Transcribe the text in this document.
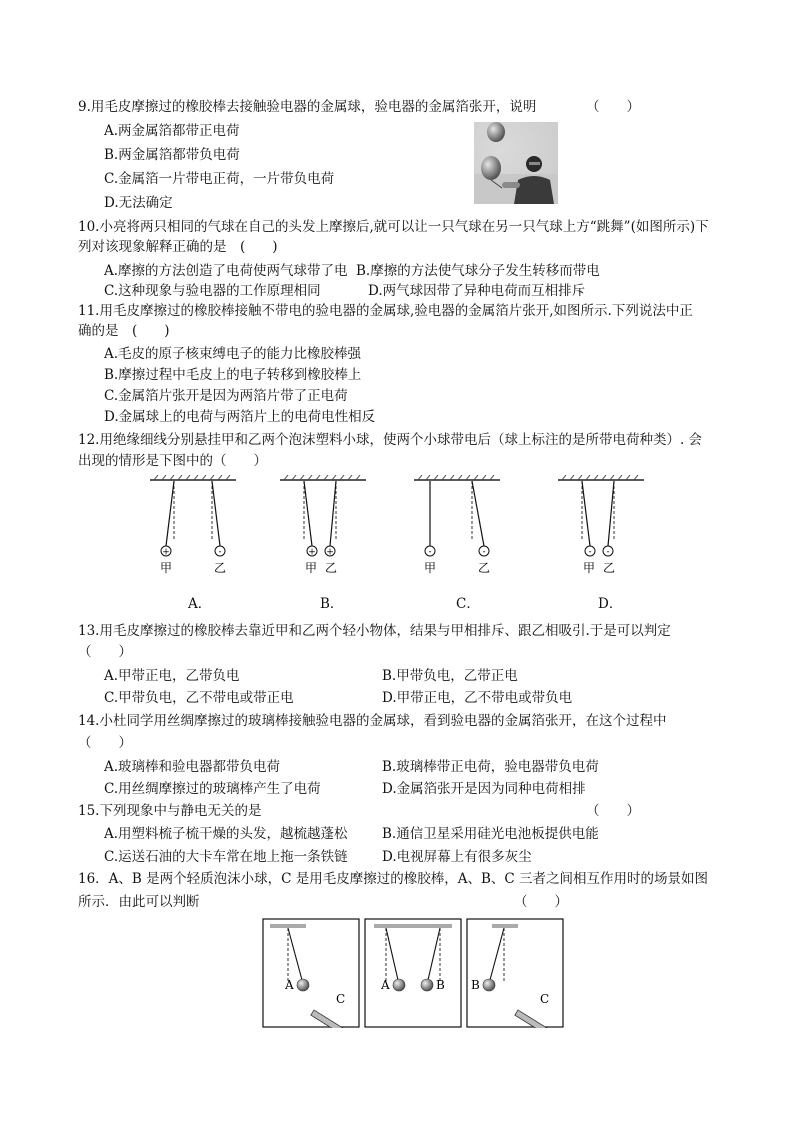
9.用毛皮摩擦过的橡胶棒去接触验电器的金属球，验电器的金属箔张开，说明	（　　）
A.两金属箔都带正电荷
B.两金属箔都带负电荷
C.金属箔一片带电正荷，一片带负电荷
D.无法确定
10.小亮将两只相同的气球在自己的头发上摩擦后,就可以让一只气球在另一只气球上方“跳舞”(如图所示)下
列对该现象解释正确的是　(　　)
A.摩擦的方法创造了电荷使两气球带了电 B.摩擦的方法使气球分子发生转移而带电
C.这种现象与验电器的工作原理相同	D.两气球因带了异种电荷而互相排斥
11.用毛皮摩擦过的橡胶棒接触不带电的验电器的金属球,验电器的金属箔片张开,如图所示.下列说法中正
确的是　(　　)
A.毛皮的原子核束缚电子的能力比橡胶棒强
B.摩擦过程中毛皮上的电子转移到橡胶棒上
C.金属箔片张开是因为两箔片带了正电荷
D.金属球上的电荷与两箔片上的电荷电性相反
12.用绝缘细线分别悬挂甲和乙两个泡沫塑料小球，使两个小球带电后（球上标注的是所带电荷种类）. 会
出现的情形是下图中的（　　）
+	-
甲	乙
A．
+ +
甲 乙
B．
-	-
甲	乙
C．
- -
甲 乙
D．
13.用毛皮摩擦过的橡胶棒去靠近甲和乙两个轻小物体，结果与甲相排斥、跟乙相吸引.于是可以判定
（　　）
A.甲带正电，乙带负电	B.甲带负电，乙带正电
C.甲带负电，乙不带电或带正电	D.甲带正电，乙不带电或带负电
14.小杜同学用丝绸摩擦过的玻璃棒接触验电器的金属球，看到验电器的金属箔张开，在这个过程中
（　　）
A.玻璃棒和验电器都带负电荷	B.玻璃棒带正电荷，验电器带负电荷
C.用丝绸摩擦过的玻璃棒产生了电荷	D.金属箔张开是因为同种电荷相排
15.下列现象中与静电无关的是	（　　）
A.用塑料梳子梳干燥的头发，越梳越蓬松	B.通信卫星采用硅光电池板提供电能
C.运送石油的大卡车常在地上拖一条铁链	D.电视屏幕上有很多灰尘
16．A、B 是两个轻质泡沫小球，C 是用毛皮摩擦过的橡胶棒，A、B、C 三者之间相互作用时的场景如图
所示．由此可以判断	（　　）
A
C
A	B B
C
